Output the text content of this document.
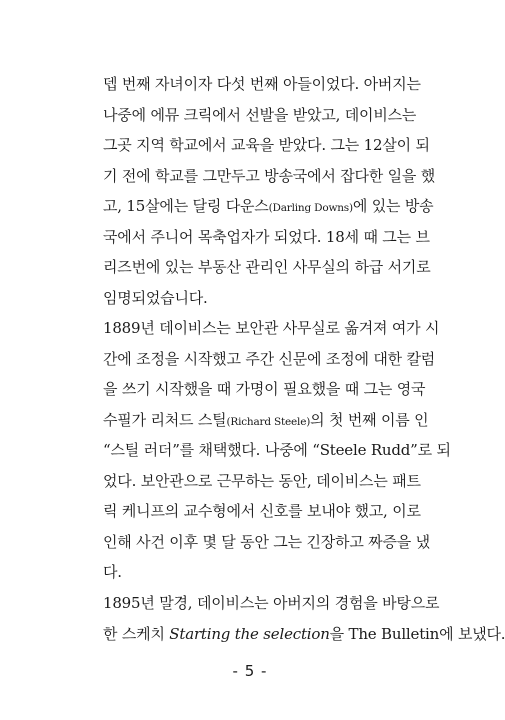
뎁 번째 자녀이자 다섯 번째 아들이었다. 아버지는
나중에 에뮤 크릭에서 선발을 받았고, 데이비스는
그곳 지역 학교에서 교육을 받았다. 그는 12살이 되
기 전에 학교를 그만두고 방송국에서 잡다한 일을 했
고, 15살에는 달링 다운스(Darling Downs)에 있는 방송
국에서 주니어 목축업자가 되었다. 18세 때 그는 브
리즈번에 있는 부동산 관리인 사무실의 하급 서기로
임명되었습니다.
1889년 데이비스는 보안관 사무실로 옮겨져 여가 시
간에 조정을 시작했고 주간 신문에 조정에 대한 칼럼
을 쓰기 시작했을 때 가명이 필요했을 때 그는 영국
수필가 리처드 스틸(Richard Steele)의 첫 번째 이름 인
“스틸 러더”를 채택했다. 나중에 “Steele Rudd”로 되
었다. 보안관으로 근무하는 동안, 데이비스는 패트
릭 케니프의 교수형에서 신호를 보내야 했고, 이로
인해 사건 이후 몇 달 동안 그는 긴장하고 짜증을 냈
다.
1895년 말경, 데이비스는 아버지의 경험을 바탕으로
한 스케치 Starting the selection을 The Bulletin에 보냈다.
- 5 -
